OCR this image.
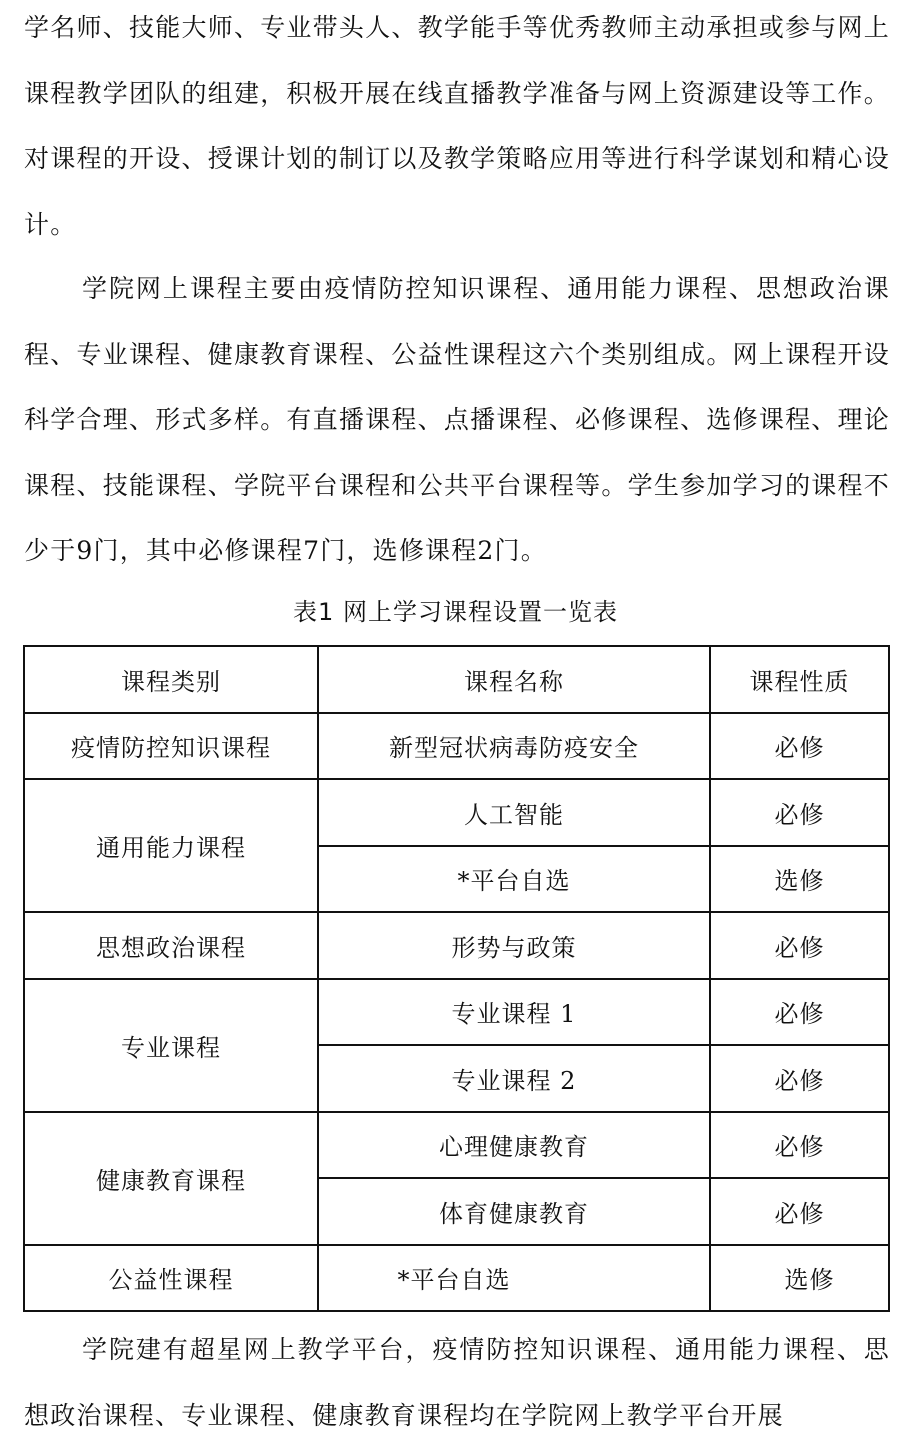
学名师、技能大师、专业带头人、教学能手等优秀教师主动承担或参与网上课程教学团队的组建，积极开展在线直播教学准备与网上资源建设等工作。对课程的开设、授课计划的制订以及教学策略应用等进行科学谋划和精心设计。

学院网上课程主要由疫情防控知识课程、通用能力课程、思想政治课程、专业课程、健康教育课程、公益性课程这六个类别组成。网上课程开设科学合理、形式多样。有直播课程、点播课程、必修课程、选修课程、理论课程、技能课程、学院平台课程和公共平台课程等。学生参加学习的课程不少于9门，其中必修课程7门，选修课程2门。

表1 网上学习课程设置一览表
课程类别	课程名称	课程性质
疫情防控知识课程	新型冠状病毒防疫安全	必修
通用能力课程	人工智能	必修
	*平台自选	选修
思想政治课程	形势与政策	必修
专业课程	专业课程 1	必修
	专业课程 2	必修
健康教育课程	心理健康教育	必修
	体育健康教育	必修
公益性课程	*平台自选	选修

学院建有超星网上教学平台，疫情防控知识课程、通用能力课程、思想政治课程、专业课程、健康教育课程均在学院网上教学平台开展
